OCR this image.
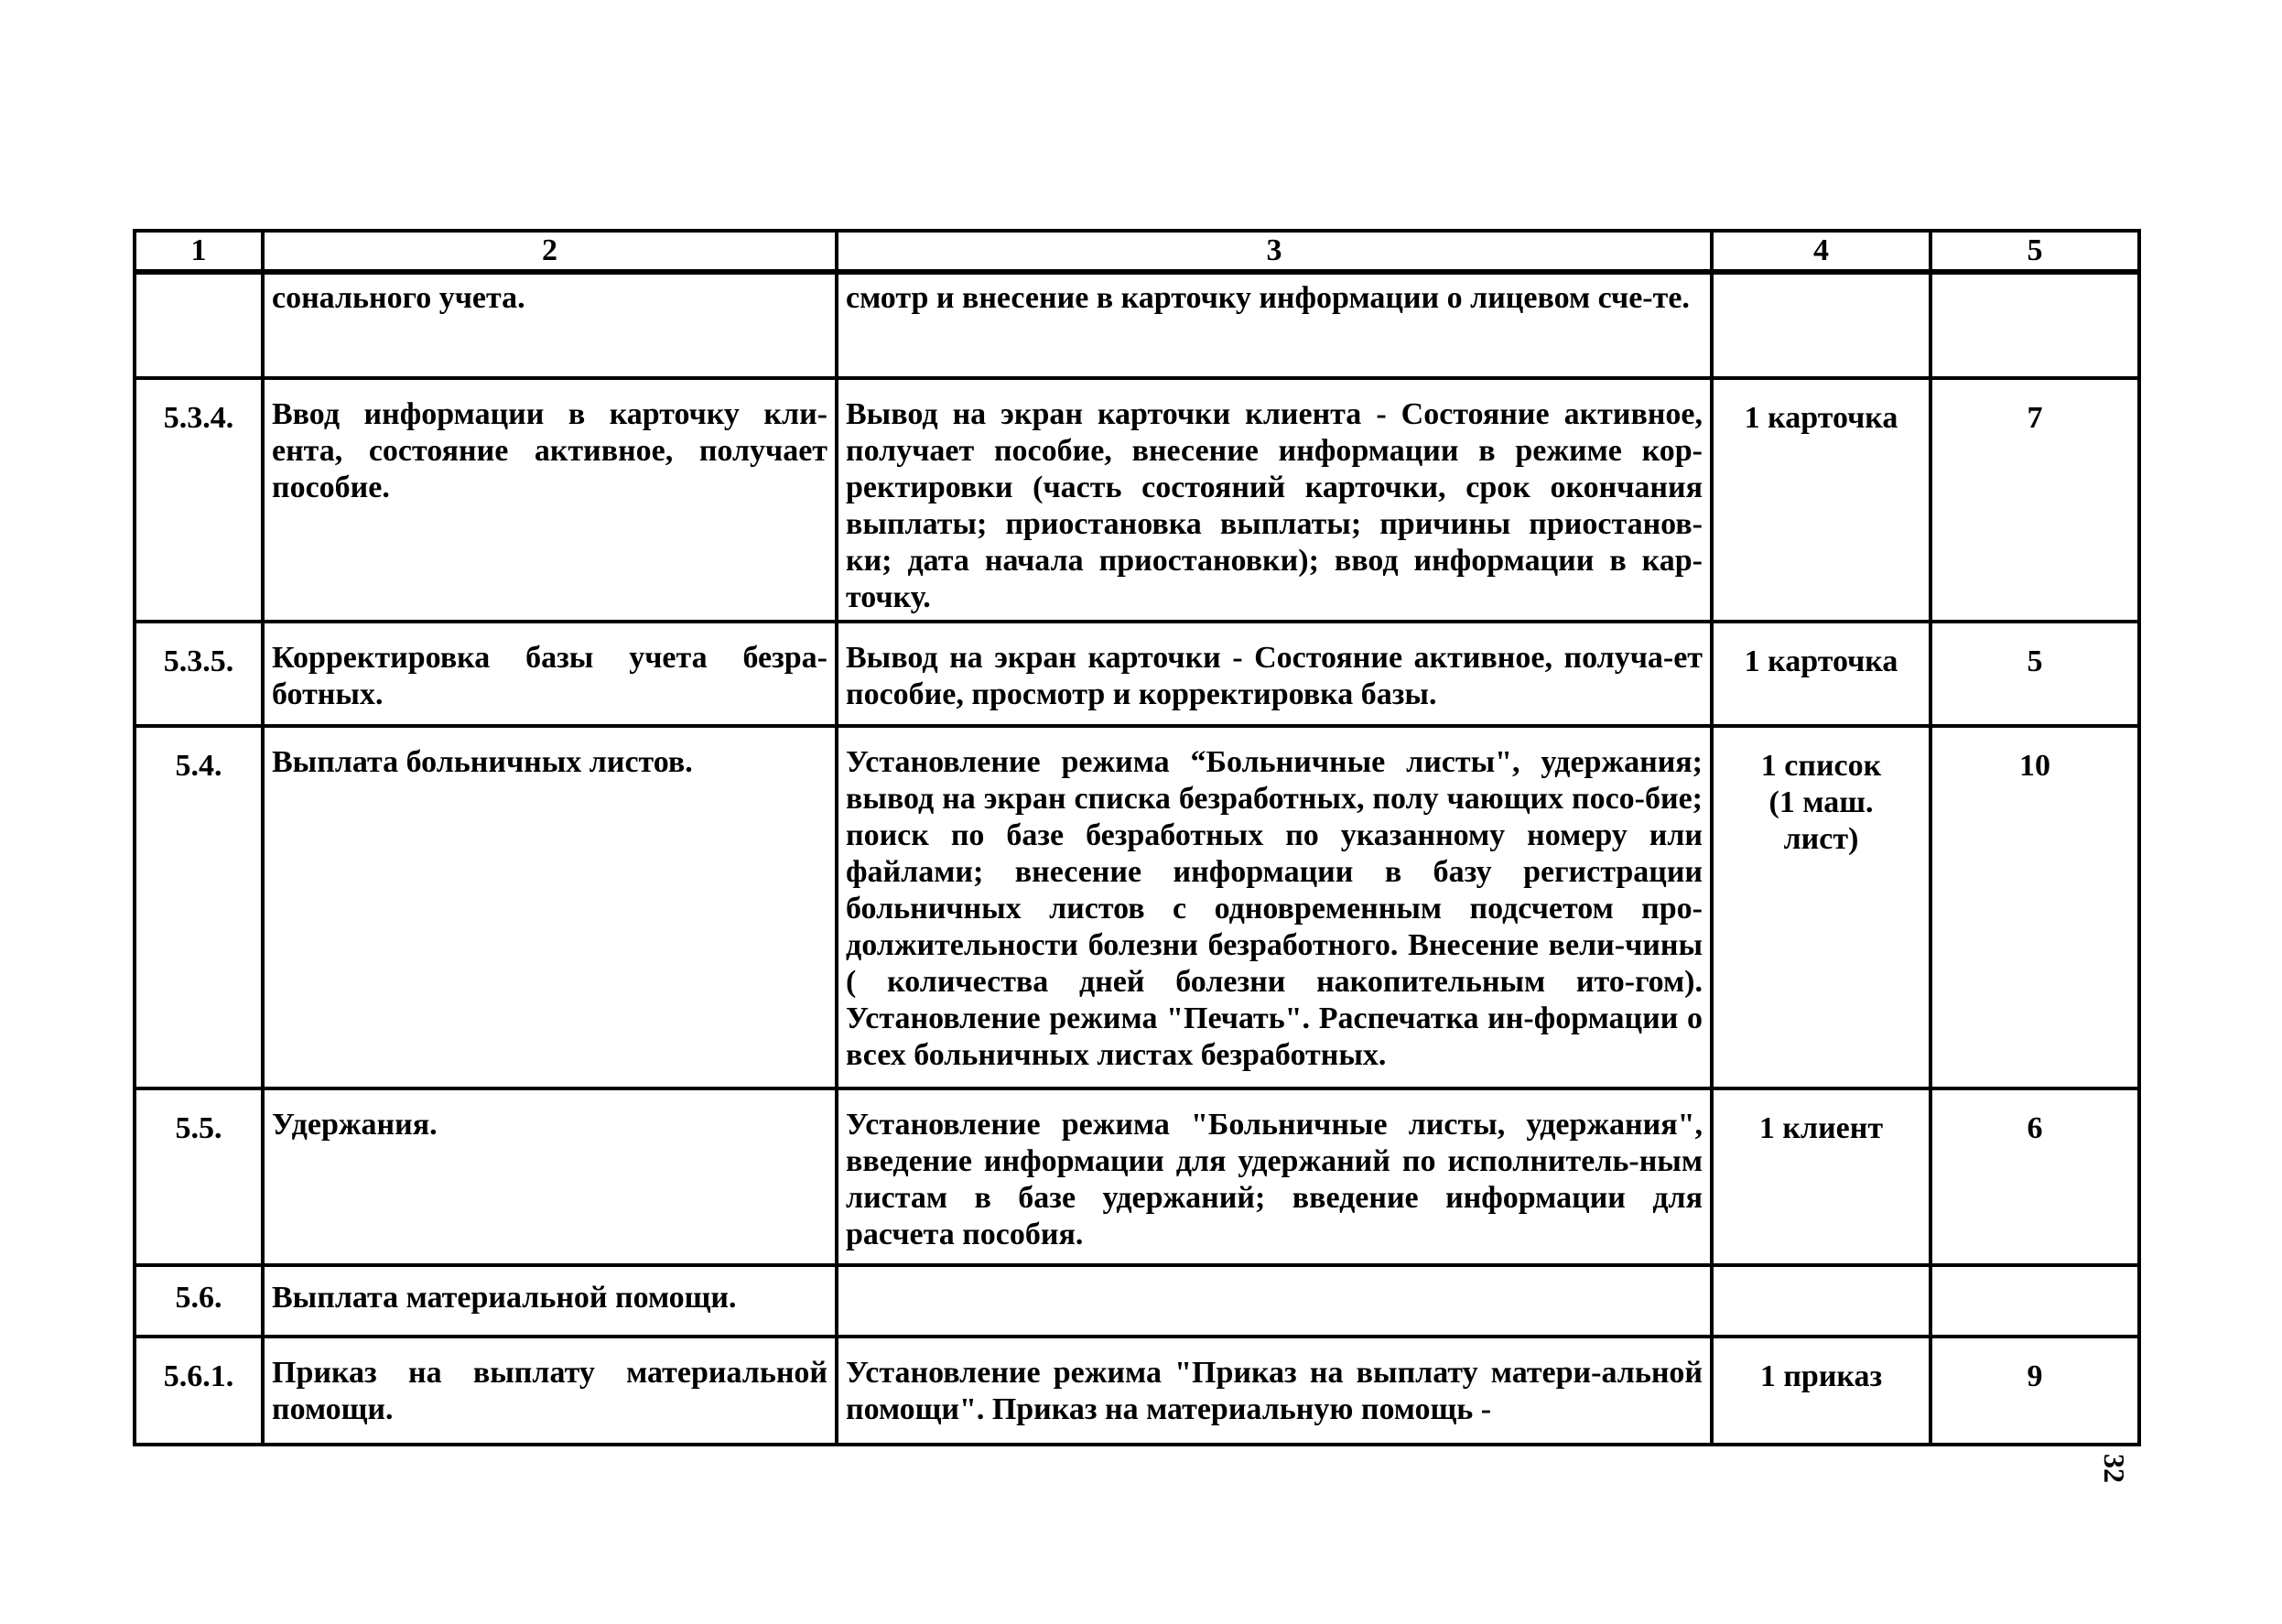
1	2	3	4	5
	сонального учета.	смотр и внесение в карточку информации о лицевом сче-те.		
5.3.4.	Ввод информации в карточку кли-ента, состояние активное, получает пособие.	Вывод на экран карточки клиента - Состояние активное, получает пособие, внесение информации в режиме кор-ректировки (часть состояний карточки, срок окончания выплаты; приостановка выплаты; причины приостанов-ки; дата начала приостановки); ввод информации в кар-точку.	1 карточка	7
5.3.5.	Корректировка базы учета безра-ботных.	Вывод на экран карточки - Состояние активное, получа-ет пособие, просмотр и корректировка базы.	1 карточка	5
5.4.	Выплата больничных листов.	Установление режима “Больничные листы", удержания; вывод на экран списка безработных, полу чающих посо-бие; поиск по базе безработных по указанному номеру или файлами; внесение информации в базу регистрации больничных листов с одновременным подсчетом про-должительности болезни безработного. Внесение вели-чины ( количества дней болезни накопительным ито-гом). Установление режима "Печать". Распечатка ин-формации о всех больничных листах безработных.	1 список (1 маш. лист)	10
5.5.	Удержания.	Установление режима "Больничные листы, удержания", введение информации для удержаний по исполнитель-ным листам в базе удержаний; введение информации для расчета пособия.	1 клиент	6
5.6.	Выплата материальной помощи.			
5.6.1.	Приказ на выплату материальной помощи.	Установление режима "Приказ на выплату матери-альной помощи". Приказ на материальную помощь -	1 приказ	9
32
